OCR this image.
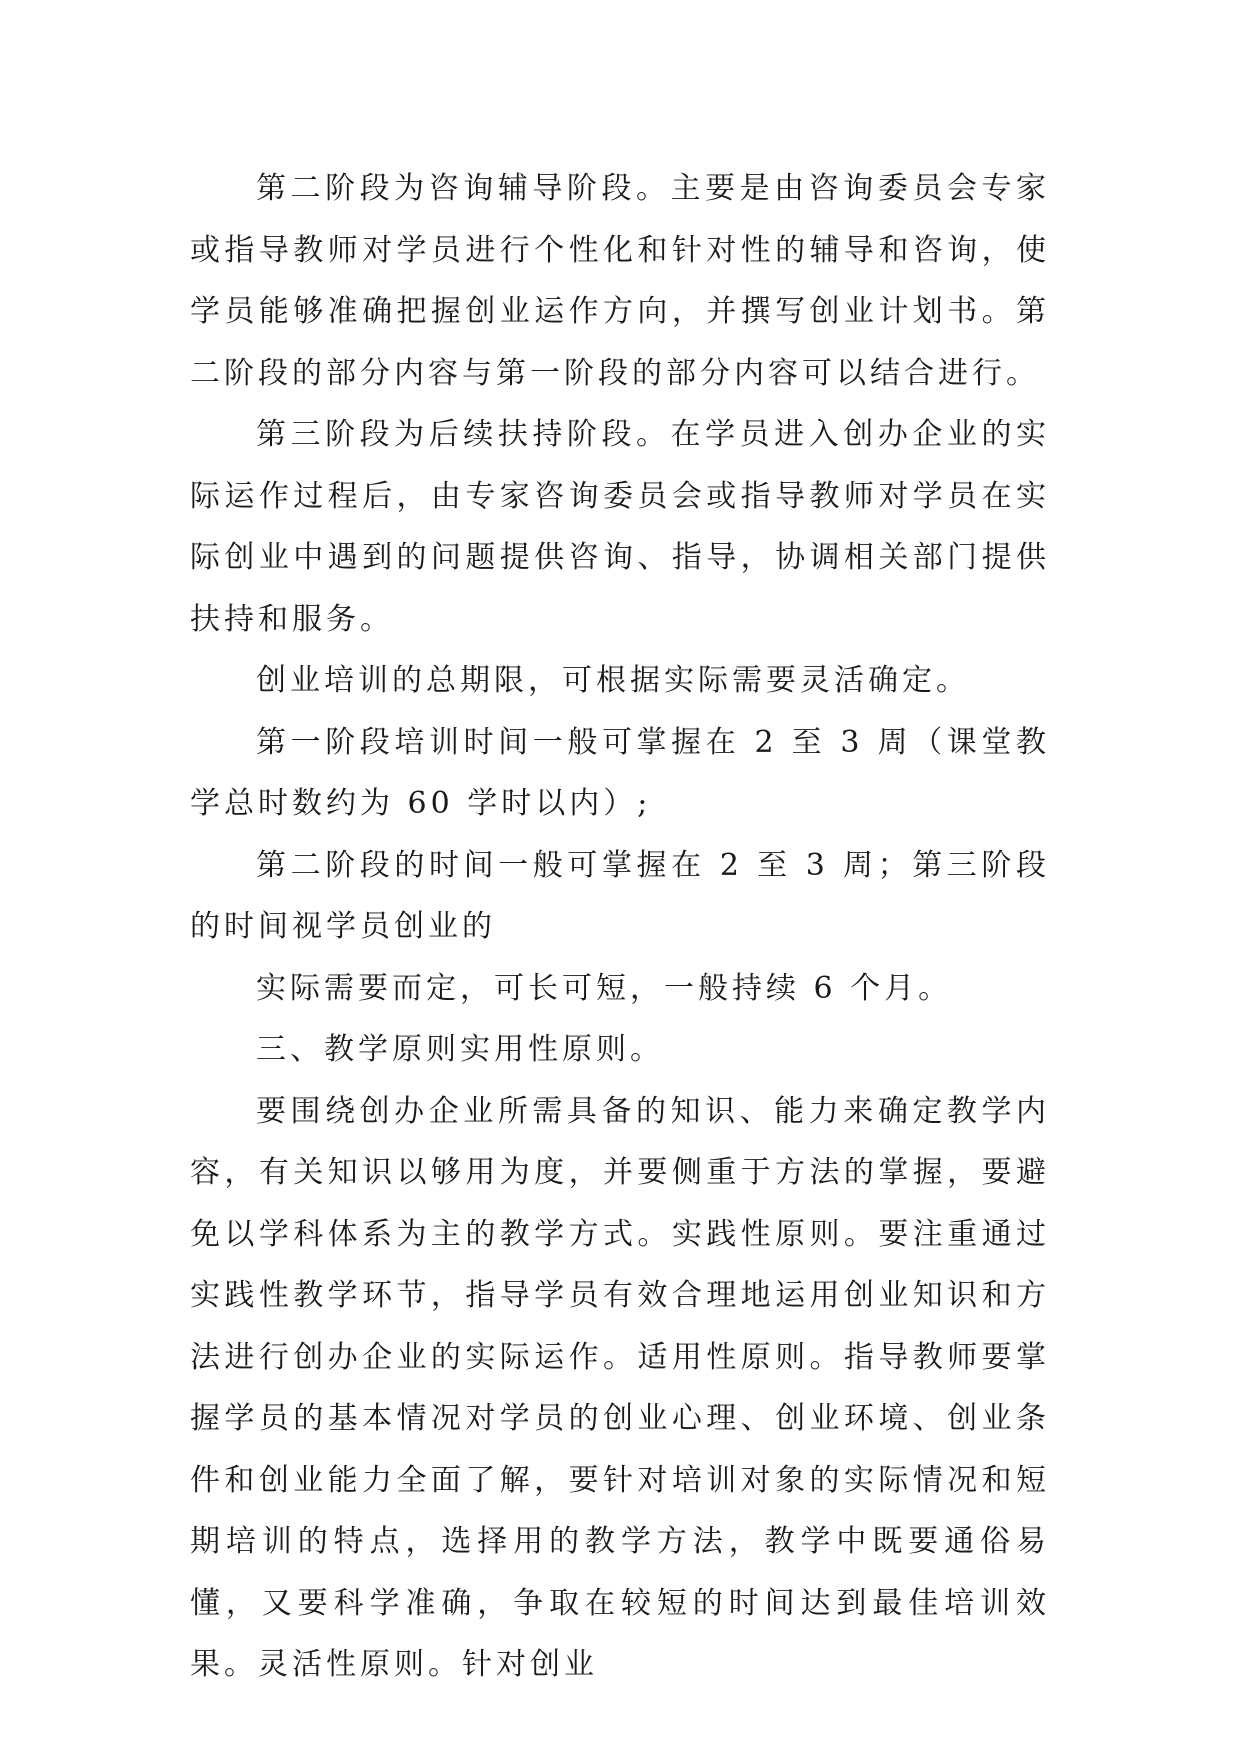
第二阶段为咨询辅导阶段。主要是由咨询委员会专家或指导教师对学员进行个性化和针对性的辅导和咨询，使学员能够准确把握创业运作方向，并撰写创业计划书。第二阶段的部分内容与第一阶段的部分内容可以结合进行。

第三阶段为后续扶持阶段。在学员进入创办企业的实际运作过程后，由专家咨询委员会或指导教师对学员在实际创业中遇到的问题提供咨询、指导，协调相关部门提供扶持和服务。

创业培训的总期限，可根据实际需要灵活确定。

第一阶段培训时间一般可掌握在 2 至 3 周（课堂教学总时数约为 60 学时以内）;

第二阶段的时间一般可掌握在 2 至 3 周；第三阶段的时间视学员创业的

实际需要而定，可长可短，一般持续 6 个月。

三、教学原则实用性原则。

要围绕创办企业所需具备的知识、能力来确定教学内容，有关知识以够用为度，并要侧重于方法的掌握，要避免以学科体系为主的教学方式。实践性原则。要注重通过实践性教学环节，指导学员有效合理地运用创业知识和方法进行创办企业的实际运作。适用性原则。指导教师要掌握学员的基本情况对学员的创业心理、创业环境、创业条件和创业能力全面了解，要针对培训对象的实际情况和短期培训的特点，选择用的教学方法，教学中既要通俗易懂，又要科学准确，争取在较短的时间达到最佳培训效果。灵活性原则。针对创业
